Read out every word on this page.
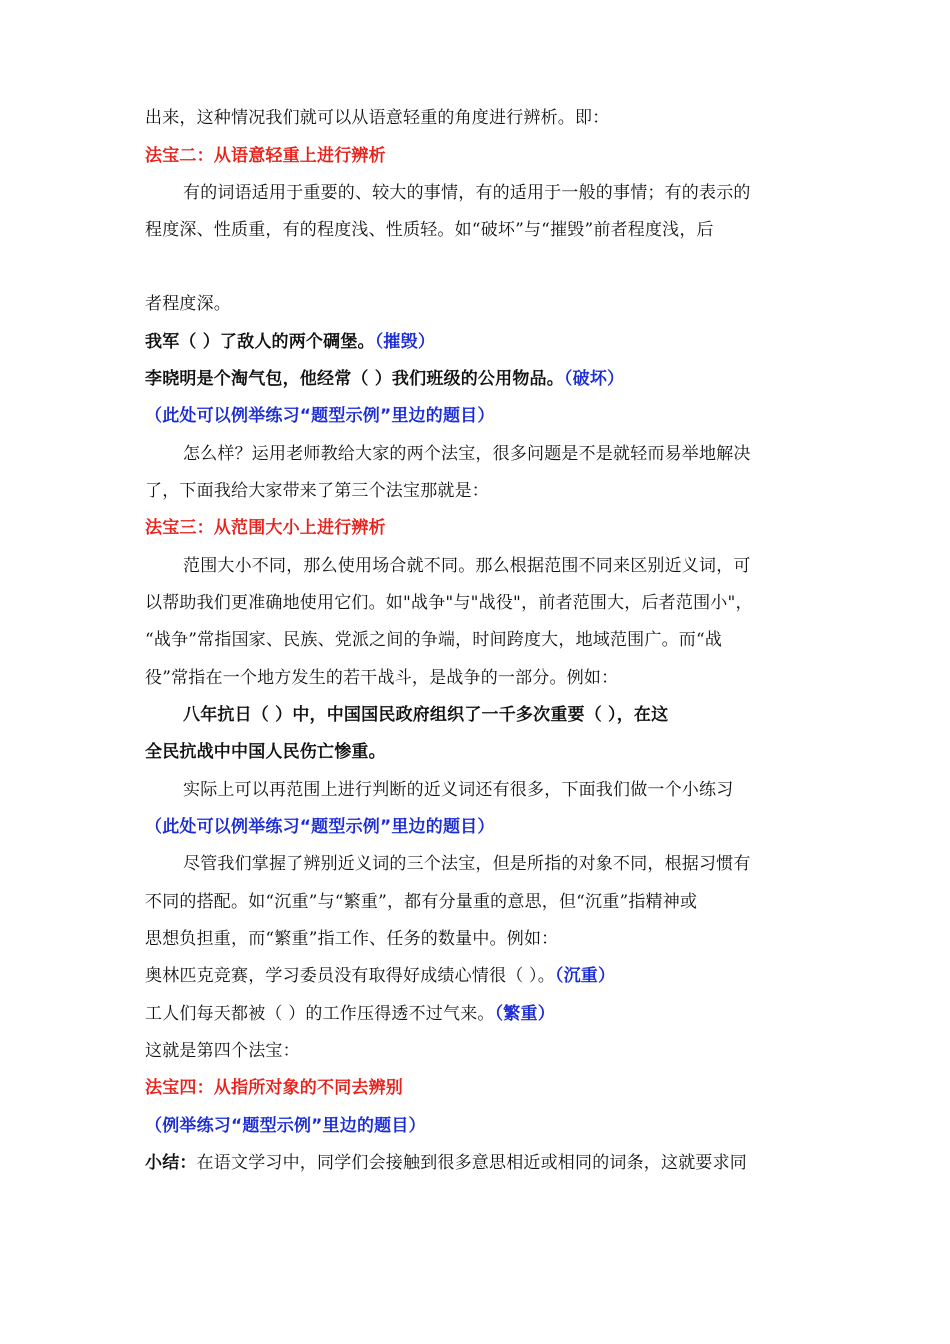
出来，这种情况我们就可以从语意轻重的角度进行辨析。即：
法宝二：从语意轻重上进行辨析
有的词语适用于重要的、较大的事情，有的适用于一般的事情；有的表示的
程度深、性质重，有的程度浅、性质轻。如“破坏”与“摧毁”前者程度浅，后
者程度深。
我军（ ）了敌人的两个碉堡。（摧毁）
李晓明是个淘气包，他经常（ ）我们班级的公用物品。（破坏）
（此处可以例举练习“题型示例”里边的题目）
怎么样？运用老师教给大家的两个法宝，很多问题是不是就轻而易举地解决
了，下面我给大家带来了第三个法宝那就是：
法宝三：从范围大小上进行辨析
范围大小不同，那么使用场合就不同。那么根据范围不同来区别近义词，可
以帮助我们更准确地使用它们。如"战争"与"战役"，前者范围大，后者范围小"，
“战争”常指国家、民族、党派之间的争端，时间跨度大，地域范围广。而“战
役”常指在一个地方发生的若干战斗，是战争的一部分。例如：
八年抗日（ ）中，中国国民政府组织了一千多次重要（ ），在这
全民抗战中中国人民伤亡惨重。
实际上可以再范围上进行判断的近义词还有很多，下面我们做一个小练习
（此处可以例举练习“题型示例”里边的题目）
尽管我们掌握了辨别近义词的三个法宝，但是所指的对象不同，根据习惯有
不同的搭配。如“沉重”与“繁重”，都有分量重的意思，但“沉重”指精神或
思想负担重，而“繁重”指工作、任务的数量中。例如：
奥林匹克竞赛，学习委员没有取得好成绩心情很（ ）。（沉重）
工人们每天都被（ ）的工作压得透不过气来。（繁重）
这就是第四个法宝：
法宝四：从指所对象的不同去辨别
（例举练习“题型示例”里边的题目）
小结：在语文学习中，同学们会接触到很多意思相近或相同的词条，这就要求同
